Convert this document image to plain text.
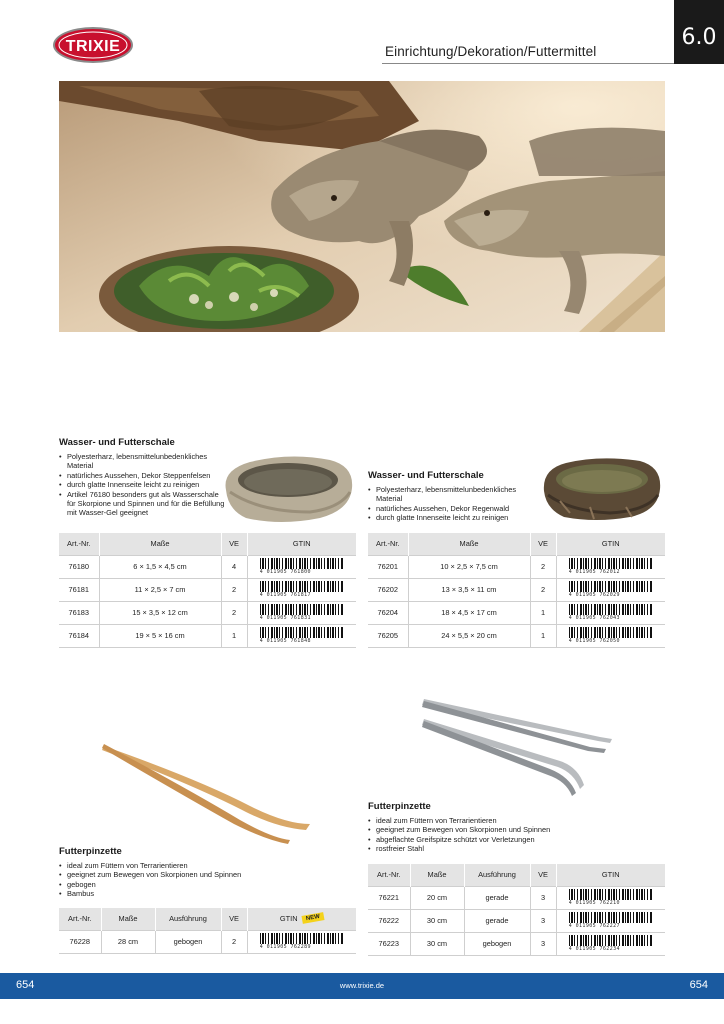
TRIXIE	Einrichtung/Dekoration/Futtermittel
6.0
Wasser- und Futterschale
• Polyesterharz, lebensmittelunbedenkliches Material
• natürliches Aussehen, Dekor Steppenfelsen
• durch glatte Innenseite leicht zu reinigen
• Artikel 76180 besonders gut als Wasserschale für Skorpione und Spinnen und für die Befüllung mit Wasser-Gel geeignet
Art.-Nr.	Maße	VE	GTIN
76180	6 × 1,5 × 4,5 cm	4	4 011905 761800

76181	11 × 2,5 × 7 cm	2	4 011905 761817

76183	15 × 3,5 × 12 cm	2	4 011905 761831

76184	19 × 5 × 16 cm	1	4 011905 761848
Wasser- und Futterschale
• Polyesterharz, lebensmittelunbedenkliches Material
• natürliches Aussehen, Dekor Regenwald
• durch glatte Innenseite leicht zu reinigen
Art.-Nr.	Maße	VE	GTIN
76201	10 × 2,5 × 7,5 cm	2	4 011905 762012

76202	13 × 3,5 × 11 cm	2	4 011905 762029

76204	18 × 4,5 × 17 cm	1	4 011905 762043

76205	24 × 5,5 × 20 cm	1	4 011905 762050
Futterpinzette
• ideal zum Füttern von Terrarientieren
• geeignet zum Bewegen von Skorpionen und Spinnen
• gebogen
• Bambus
Art.-Nr.	Maße	Ausführung	VE	GTIN NEW
76228	28 cm	gebogen	2	4 011905 762289
Futterpinzette
• ideal zum Füttern von Terrarientieren
• geeignet zum Bewegen von Skorpionen und Spinnen
• abgeflachte Greifspitze schützt vor Verletzungen
• rostfreier Stahl
Art.-Nr.	Maße	Ausführung	VE	GTIN
76221	20 cm	gerade	3	4 011905 762210

76222	30 cm	gerade	3	4 011905 762227

76223	30 cm	gebogen	3	4 011905 762234
654	www.trixie.de	654
